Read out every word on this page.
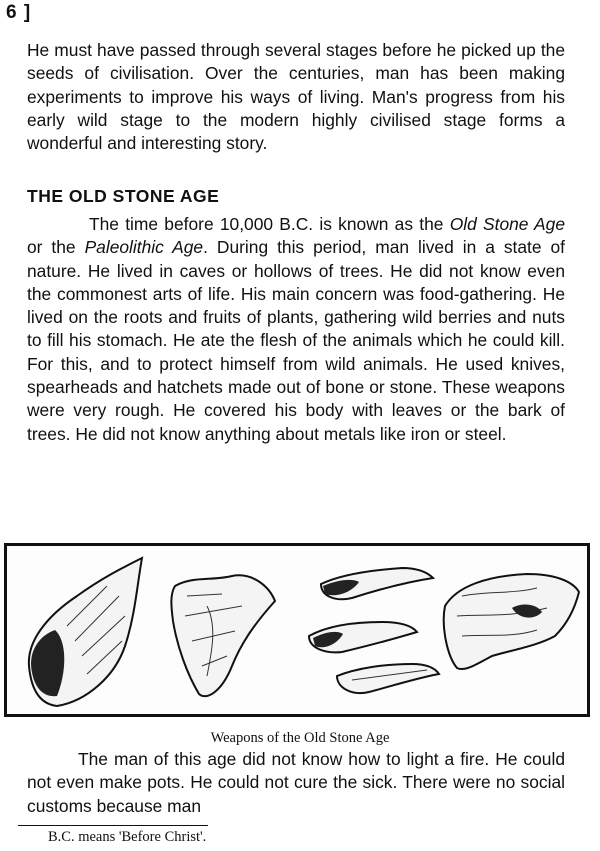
6 ]

He must have passed through several stages before he picked up the seeds of civilisation. Over the centuries, man has been making experiments to improve his ways of living. Man's progress from his early wild stage to the modern highly civilised stage forms a wonderful and interesting story.

THE OLD STONE AGE

The time before 10,000 B.C. is known as the Old Stone Age or the Paleolithic Age. During this period, man lived in a state of nature. He lived in caves or hollows of trees. He did not know even the commonest arts of life. His main concern was food-gathering. He lived on the roots and fruits of plants, gathering wild berries and nuts to fill his stomach. He ate the flesh of the animals which he could kill. For this, and to protect himself from wild animals. He used knives, spearheads and hatchets made out of bone or stone. These weapons were very rough. He covered his body with leaves or the bark of trees. He did not know anything about metals like iron or steel.

Weapons of the Old Stone Age

The man of this age did not know how to light a fire. He could not even make pots. He could not cure the sick. There were no social customs because man

B.C. means 'Before Christ'.
